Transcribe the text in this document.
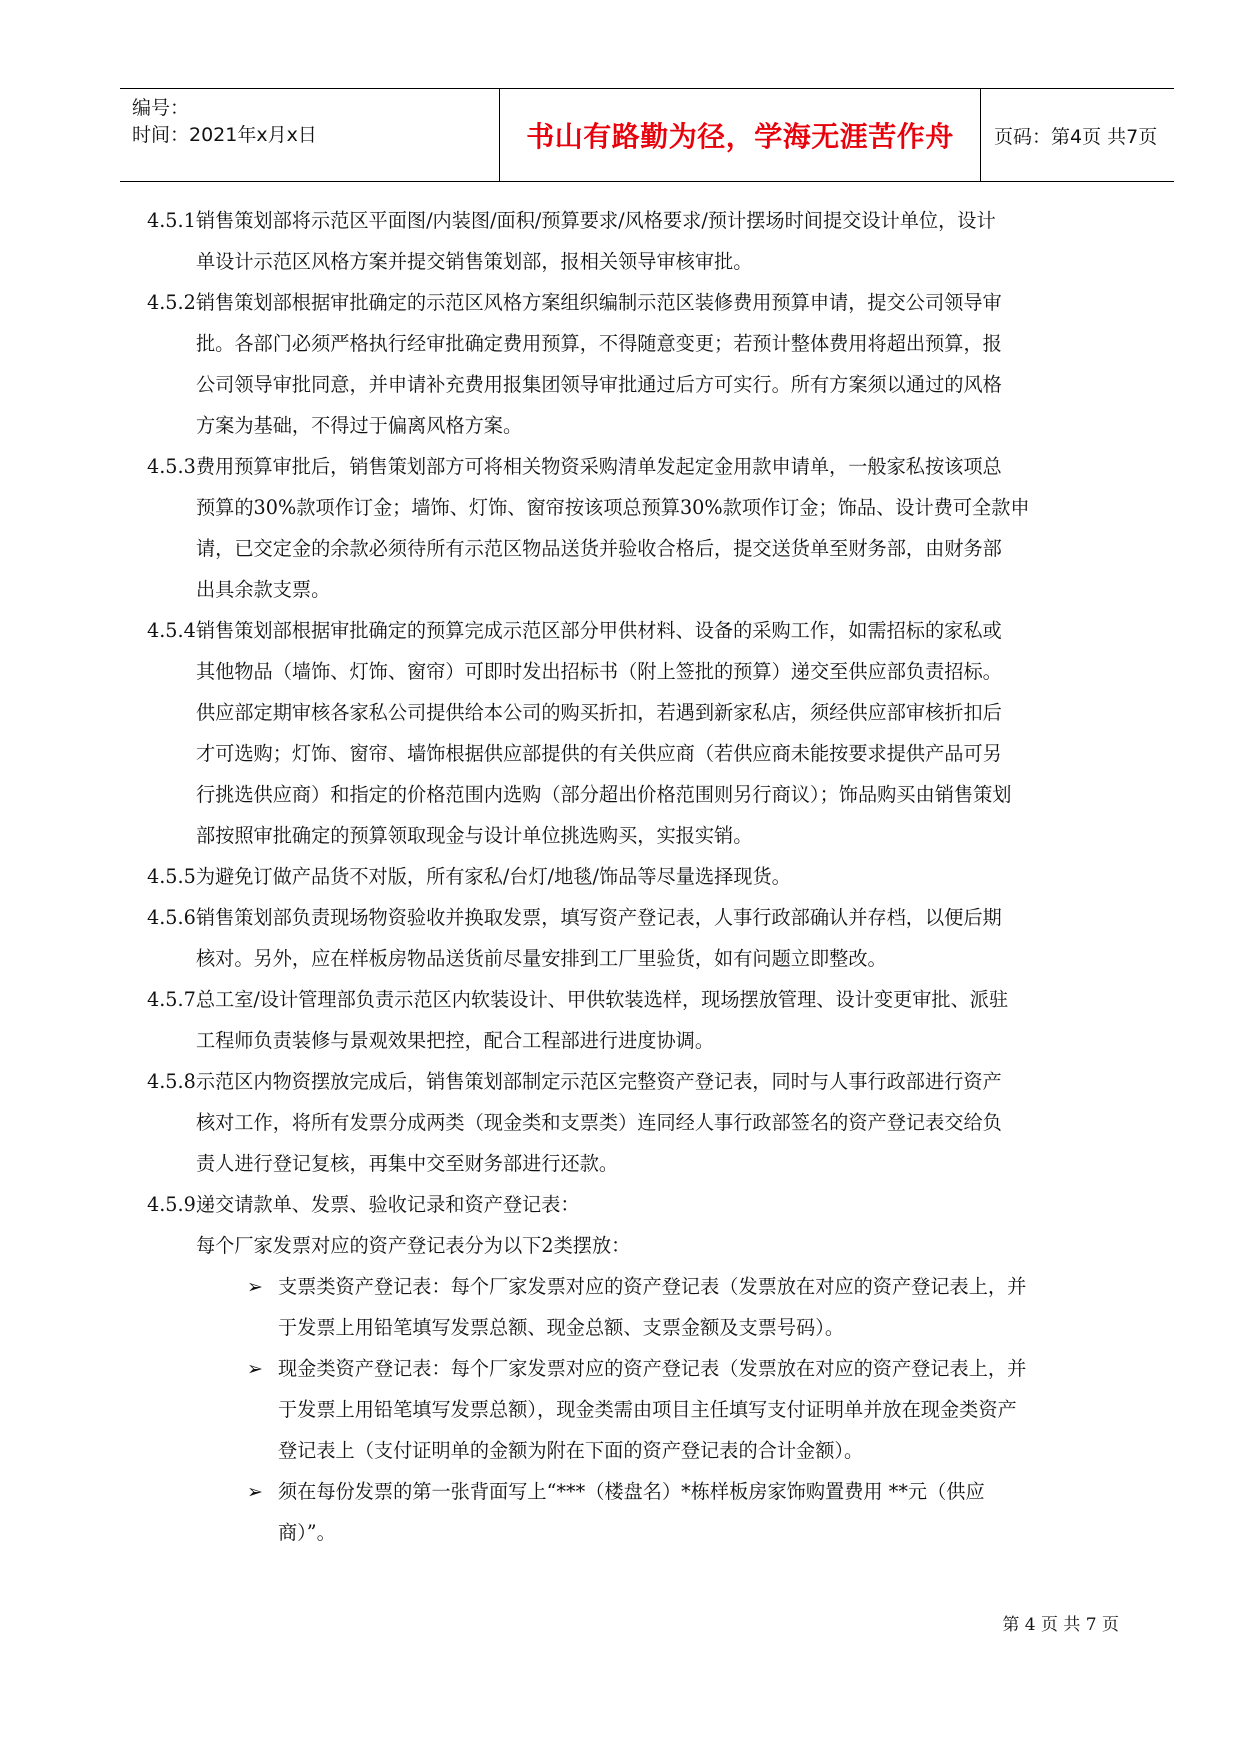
编号：
时间：2021年x月x日	书山有路勤为径，学海无涯苦作舟 页码：第4页 共7页
4.5.1销售策划部将示范区平面图/内装图/面积/预算要求/风格要求/预计摆场时间提交设计单位，设计
单设计示范区风格方案并提交销售策划部，报相关领导审核审批。
4.5.2销售策划部根据审批确定的示范区风格方案组织编制示范区装修费用预算申请，提交公司领导审
批。各部门必须严格执行经审批确定费用预算，不得随意变更；若预计整体费用将超出预算，报
公司领导审批同意，并申请补充费用报集团领导审批通过后方可实行。所有方案须以通过的风格
方案为基础，不得过于偏离风格方案。
4.5.3费用预算审批后，销售策划部方可将相关物资采购清单发起定金用款申请单，一般家私按该项总
预算的30%款项作订金；墙饰、灯饰、窗帘按该项总预算30%款项作订金；饰品、设计费可全款申
请，已交定金的余款必须待所有示范区物品送货并验收合格后，提交送货单至财务部，由财务部
出具余款支票。
4.5.4销售策划部根据审批确定的预算完成示范区部分甲供材料、设备的采购工作，如需招标的家私或
其他物品（墙饰、灯饰、窗帘）可即时发出招标书（附上签批的预算）递交至供应部负责招标。
供应部定期审核各家私公司提供给本公司的购买折扣，若遇到新家私店，须经供应部审核折扣后
才可选购；灯饰、窗帘、墙饰根据供应部提供的有关供应商（若供应商未能按要求提供产品可另
行挑选供应商）和指定的价格范围内选购（部分超出价格范围则另行商议）；饰品购买由销售策划
部按照审批确定的预算领取现金与设计单位挑选购买，实报实销。
4.5.5为避免订做产品货不对版，所有家私/台灯/地毯/饰品等尽量选择现货。
4.5.6销售策划部负责现场物资验收并换取发票，填写资产登记表，人事行政部确认并存档，以便后期
核对。另外，应在样板房物品送货前尽量安排到工厂里验货，如有问题立即整改。
4.5.7总工室/设计管理部负责示范区内软装设计、甲供软装选样，现场摆放管理、设计变更审批、派驻
工程师负责装修与景观效果把控，配合工程部进行进度协调。
4.5.8示范区内物资摆放完成后，销售策划部制定示范区完整资产登记表，同时与人事行政部进行资产
核对工作，将所有发票分成两类（现金类和支票类）连同经人事行政部签名的资产登记表交给负
责人进行登记复核，再集中交至财务部进行还款。
4.5.9递交请款单、发票、验收记录和资产登记表：
每个厂家发票对应的资产登记表分为以下2类摆放：
➢ 支票类资产登记表：每个厂家发票对应的资产登记表（发票放在对应的资产登记表上，并
于发票上用铅笔填写发票总额、现金总额、支票金额及支票号码）。
➢ 现金类资产登记表：每个厂家发票对应的资产登记表（发票放在对应的资产登记表上，并
于发票上用铅笔填写发票总额），现金类需由项目主任填写支付证明单并放在现金类资产
登记表上（支付证明单的金额为附在下面的资产登记表的合计金额）。
➢ 须在每份发票的第一张背面写上“***（楼盘名）*栋样板房家饰购置费用 **元（供应
商）”。
第 4 页 共 7 页
